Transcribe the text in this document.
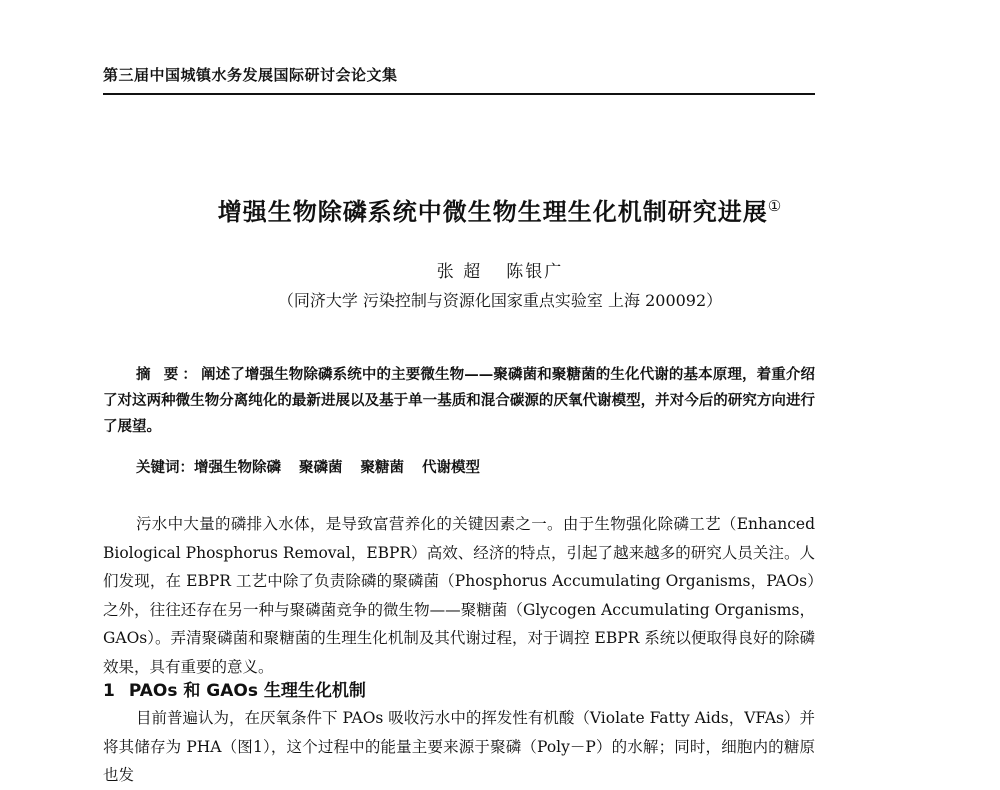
第三届中国城镇水务发展国际研讨会论文集
增强生物除磷系统中微生物生理生化机制研究进展①
张 超 陈银广
（同济大学 污染控制与资源化国家重点实验室 上海 200092）
摘 要：阐述了增强生物除磷系统中的主要微生物——聚磷菌和聚糖菌的生化代谢的基本原理，着重介绍了对这两种微生物分离纯化的最新进展以及基于单一基质和混合碳源的厌氧代谢模型，并对今后的研究方向进行了展望。
关键词：增强生物除磷 聚磷菌 聚糖菌 代谢模型
污水中大量的磷排入水体，是导致富营养化的关键因素之一。由于生物强化除磷工艺（Enhanced Biological Phosphorus Removal，EBPR）高效、经济的特点，引起了越来越多的研究人员关注。人们发现，在 EBPR 工艺中除了负责除磷的聚磷菌（Phosphorus Accumulating Organisms，PAOs）之外，往往还存在另一种与聚磷菌竞争的微生物——聚糖菌（Glycogen Accumulating Organisms，GAOs）。弄清聚磷菌和聚糖菌的生理生化机制及其代谢过程，对于调控 EBPR 系统以便取得良好的除磷效果，具有重要的意义。
1 PAOs 和 GAOs 生理生化机制
目前普遍认为，在厌氧条件下 PAOs 吸收污水中的挥发性有机酸（Violate Fatty Aids，VFAs）并将其储存为 PHA（图1），这个过程中的能量主要来源于聚磷（Poly－P）的水解；同时，细胞内的糖原也发
